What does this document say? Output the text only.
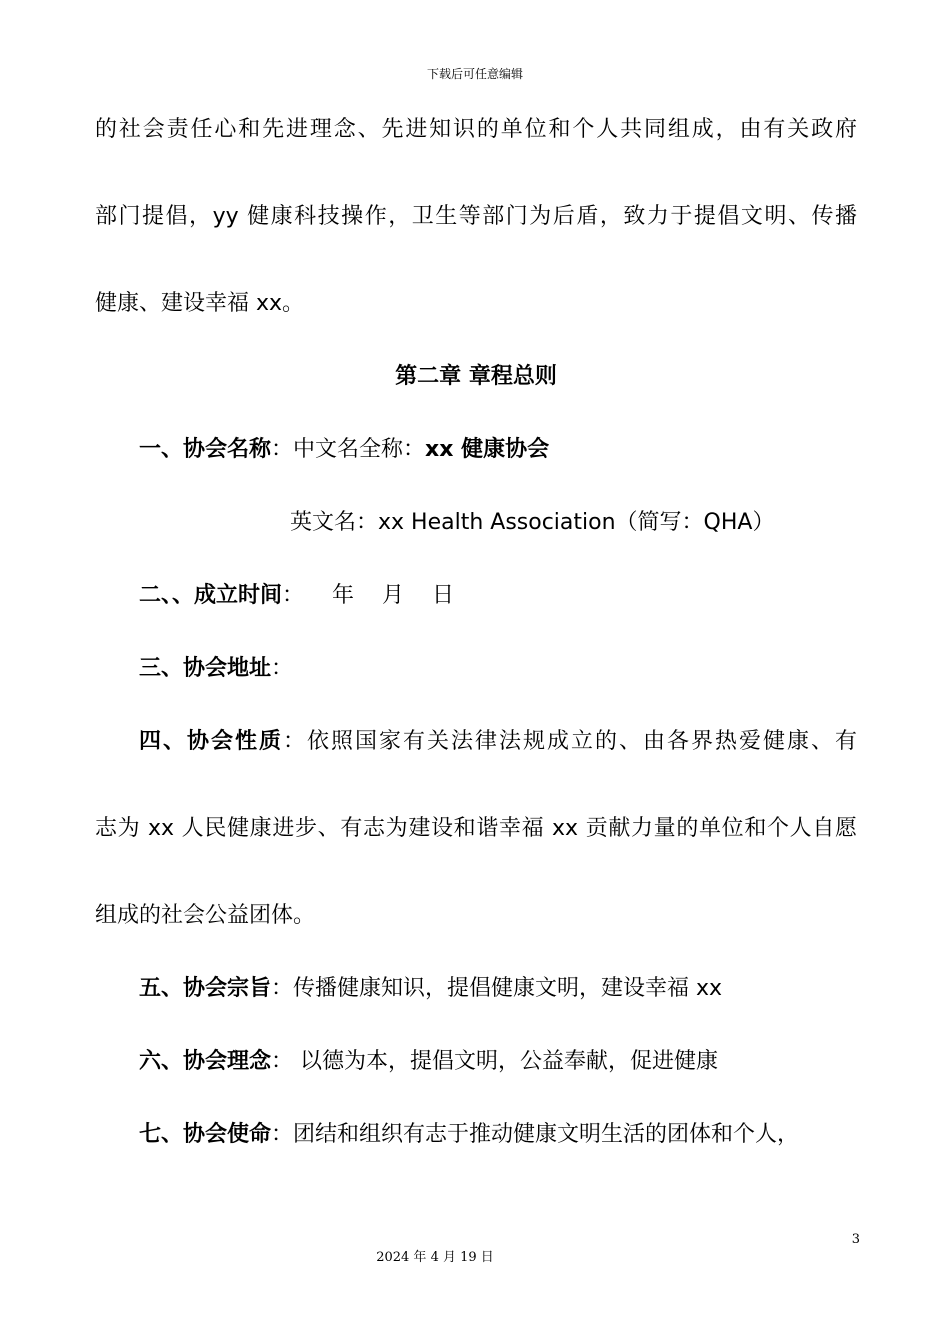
下载后可任意编辑
的社会责任心和先进理念、先进知识的单位和个人共同组成，由有关政府
部门提倡，yy 健康科技操作，卫生等部门为后盾，致力于提倡文明、传播
健康、建设幸福 xx。
第二章 章程总则
一、协会名称：中文名全称：xx 健康协会
英文名：xx Health Association（简写：QHA）
二、、成立时间：    年    月    日
三、协会地址：
四、协会性质：依照国家有关法律法规成立的、由各界热爱健康、有
志为 xx 人民健康进步、有志为建设和谐幸福 xx 贡献力量的单位和个人自愿
组成的社会公益团体。
五、协会宗旨：传播健康知识，提倡健康文明，建设幸福 xx
六、协会理念： 以德为本，提倡文明，公益奉献，促进健康
七、协会使命：团结和组织有志于推动健康文明生活的团体和个人，
3
2024 年 4 月 19 日
